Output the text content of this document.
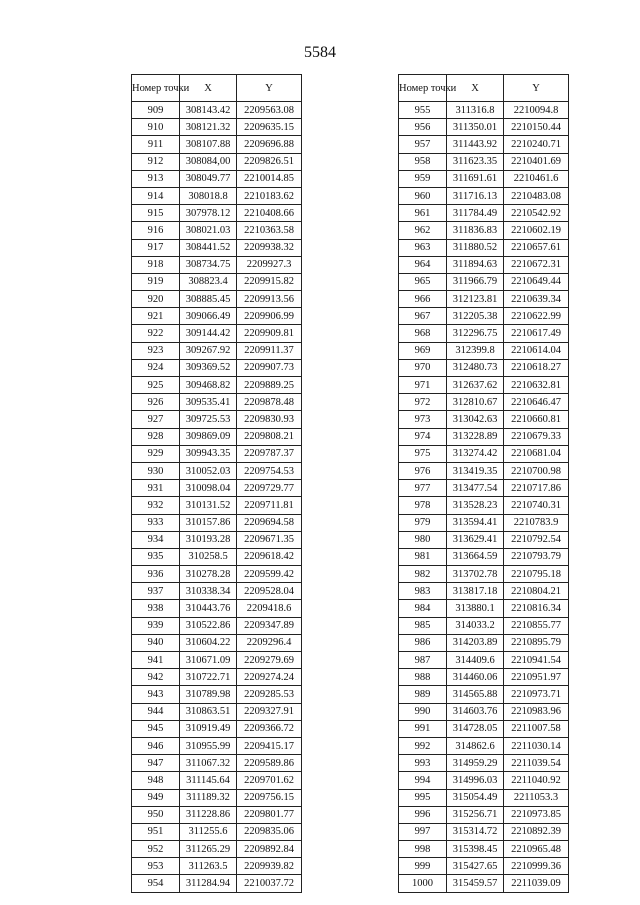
5584
Номер точки	X	Y
909	308143.42	2209563.08
910	308121.32	2209635.15
911	308107.88	2209696.88
912	308084,00	2209826.51
913	308049.77	2210014.85
914	308018.8	2210183.62
915	307978.12	2210408.66
916	308021.03	2210363.58
917	308441.52	2209938.32
918	308734.75	2209927.3
919	308823.4	2209915.82
920	308885.45	2209913.56
921	309066.49	2209906.99
922	309144.42	2209909.81
923	309267.92	2209911.37
924	309369.52	2209907.73
925	309468.82	2209889.25
926	309535.41	2209878.48
927	309725.53	2209830.93
928	309869.09	2209808.21
929	309943.35	2209787.37
930	310052.03	2209754.53
931	310098.04	2209729.77
932	310131.52	2209711.81
933	310157.86	2209694.58
934	310193.28	2209671.35
935	310258.5	2209618.42
936	310278.28	2209599.42
937	310338.34	2209528.04
938	310443.76	2209418.6
939	310522.86	2209347.89
940	310604.22	2209296.4
941	310671.09	2209279.69
942	310722.71	2209274.24
943	310789.98	2209285.53
944	310863.51	2209327.91
945	310919.49	2209366.72
946	310955.99	2209415.17
947	311067.32	2209589.86
948	311145.64	2209701.62
949	311189.32	2209756.15
950	311228.86	2209801.77
951	311255.6	2209835.06
952	311265.29	2209892.84
953	311263.5	2209939.82
954	311284.94	2210037.72
Номер точки	X	Y
955	311316.8	2210094.8
956	311350.01	2210150.44
957	311443.92	2210240.71
958	311623.35	2210401.69
959	311691.61	2210461.6
960	311716.13	2210483.08
961	311784.49	2210542.92
962	311836.83	2210602.19
963	311880.52	2210657.61
964	311894.63	2210672.31
965	311966.79	2210649.44
966	312123.81	2210639.34
967	312205.38	2210622.99
968	312296.75	2210617.49
969	312399.8	2210614.04
970	312480.73	2210618.27
971	312637.62	2210632.81
972	312810.67	2210646.47
973	313042.63	2210660.81
974	313228.89	2210679.33
975	313274.42	2210681.04
976	313419.35	2210700.98
977	313477.54	2210717.86
978	313528.23	2210740.31
979	313594.41	2210783.9
980	313629.41	2210792.54
981	313664.59	2210793.79
982	313702.78	2210795.18
983	313817.18	2210804.21
984	313880.1	2210816.34
985	314033.2	2210855.77
986	314203.89	2210895.79
987	314409.6	2210941.54
988	314460.06	2210951.97
989	314565.88	2210973.71
990	314603.76	2210983.96
991	314728.05	2211007.58
992	314862.6	2211030.14
993	314959.29	2211039.54
994	314996.03	2211040.92
995	315054.49	2211053.3
996	315256.71	2210973.85
997	315314.72	2210892.39
998	315398.45	2210965.48
999	315427.65	2210999.36
1000	315459.57	2211039.09
